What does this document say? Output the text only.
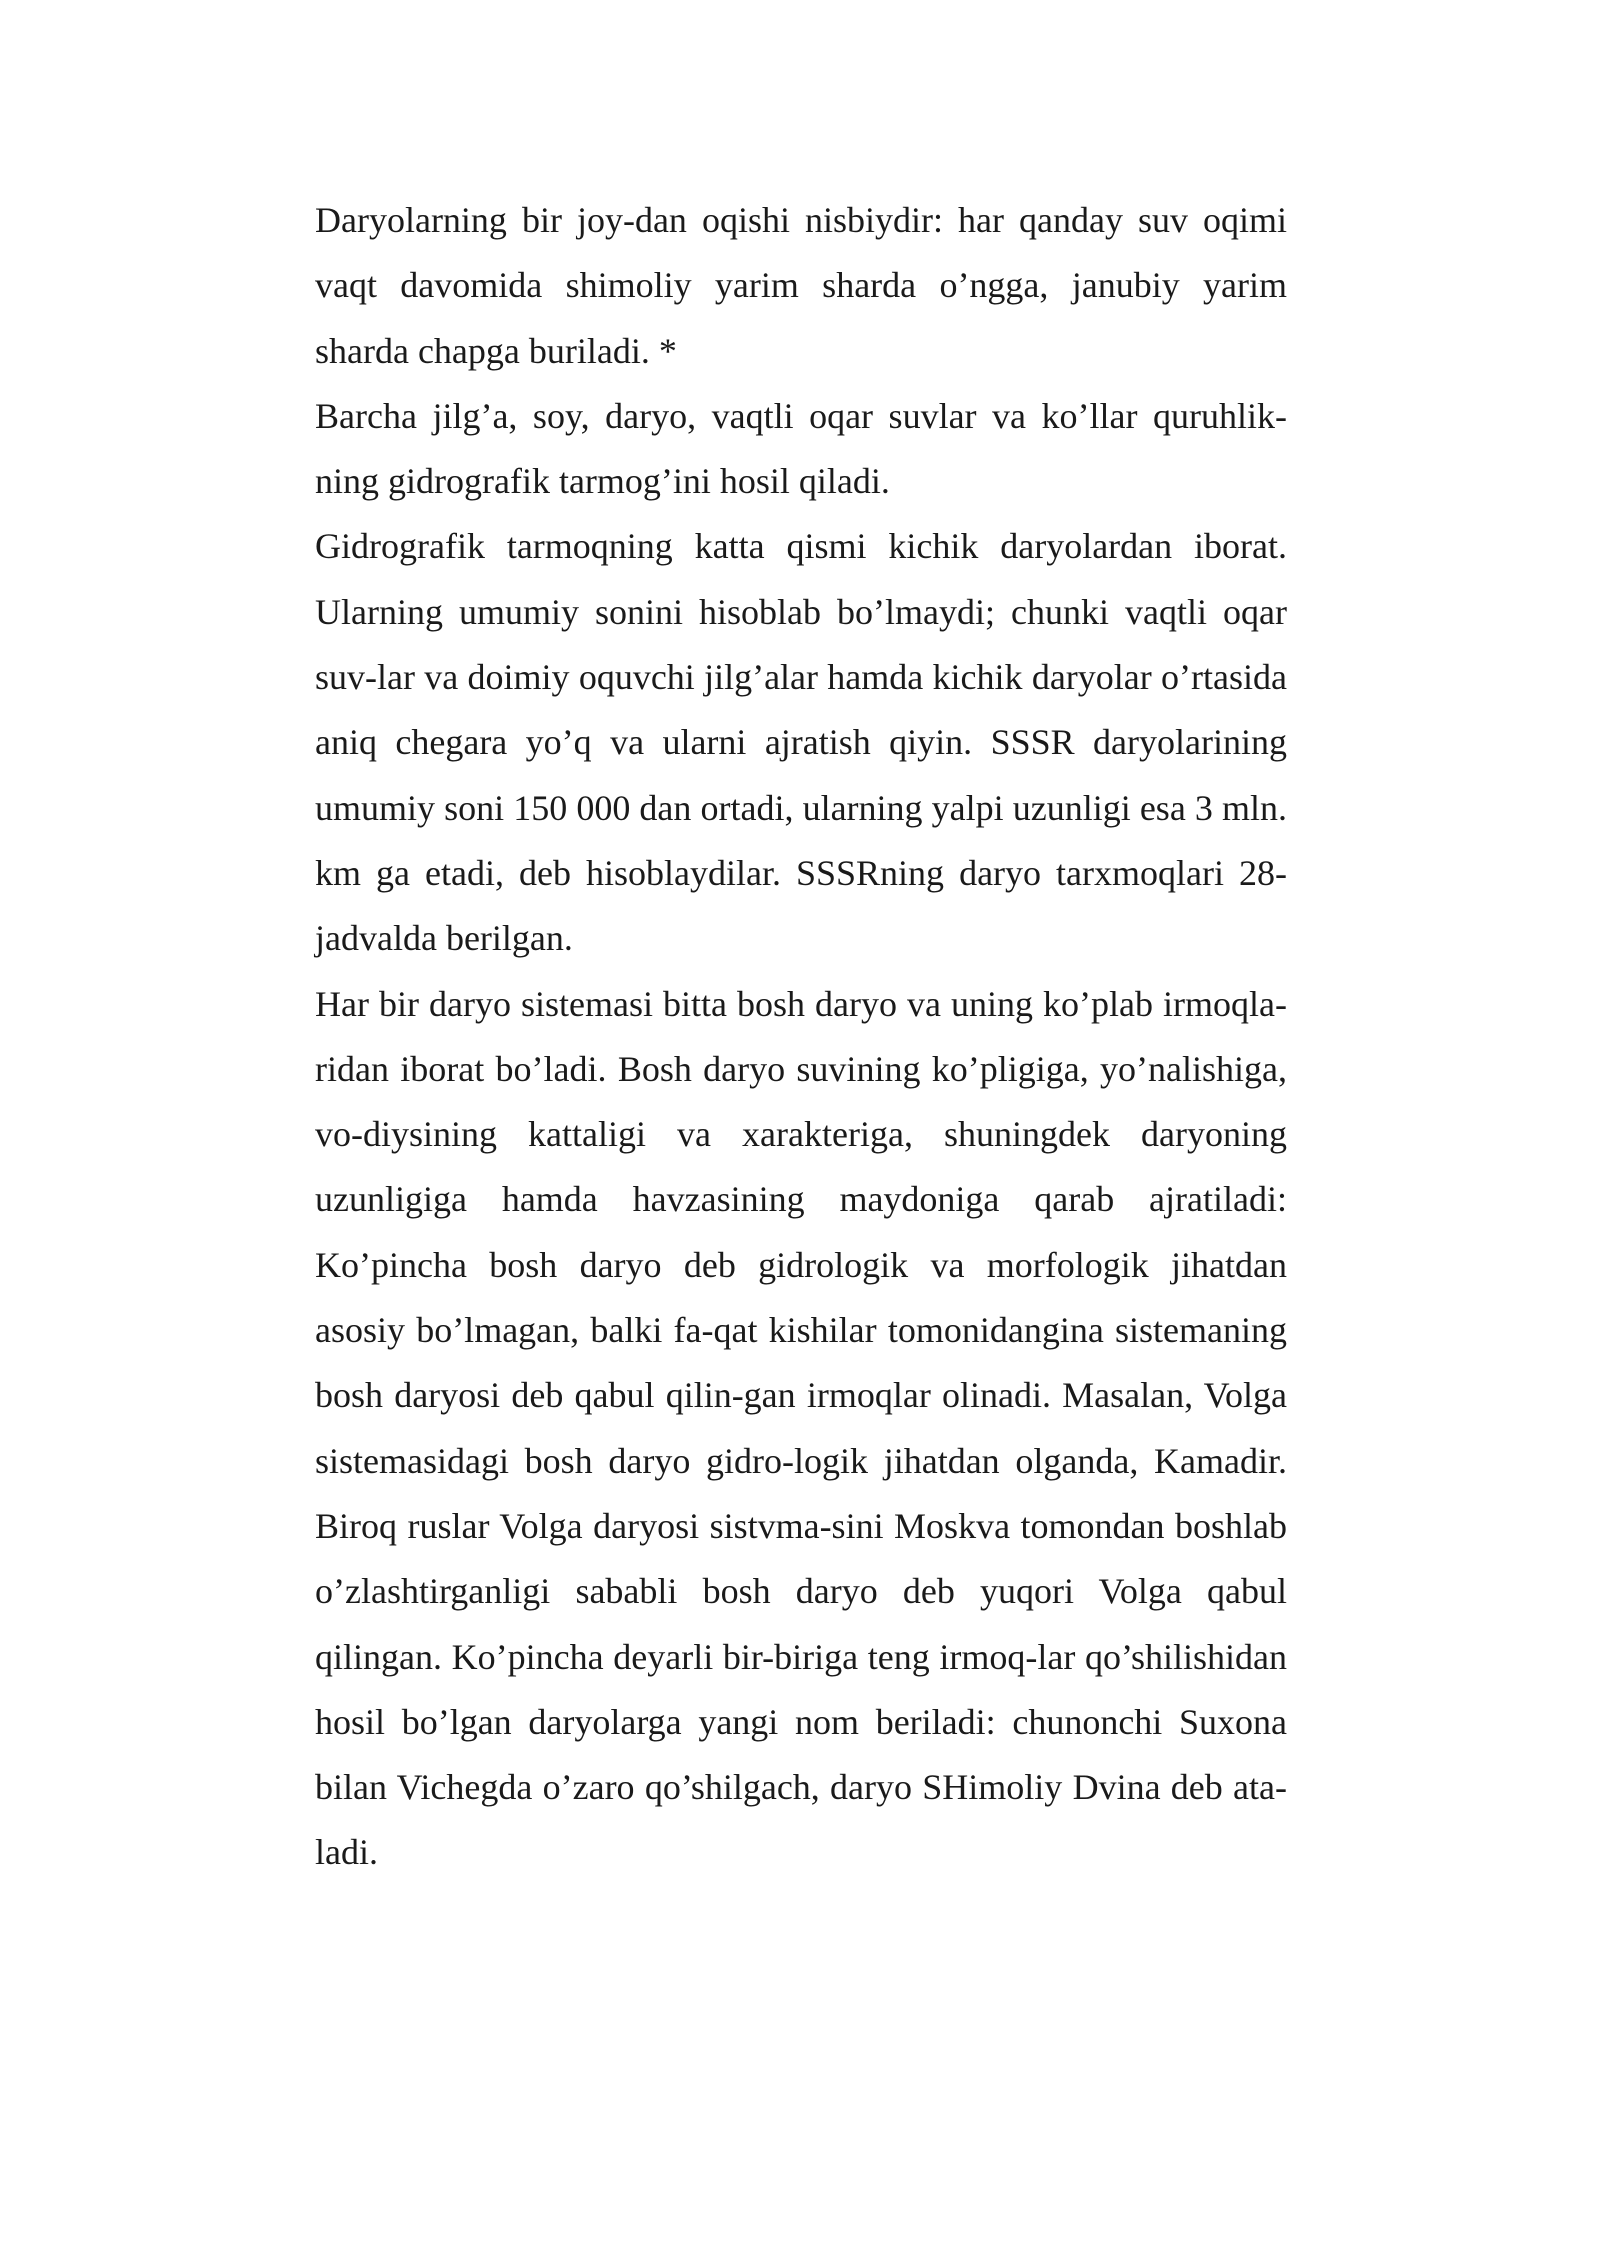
Daryolarning bir joy-dan oqishi nisbiydir: har qanday suv oqimi vaqt davomida shimoliy yarim sharda o’ngga, janubiy yarim sharda chapga buriladi. *

Barcha jilg’a, soy, daryo, vaqtli oqar suvlar va ko’llar quruhlik-ning gidrografik tarmog’ini hosil qiladi.

Gidrografik tarmoqning katta qismi kichik daryolardan iborat. Ularning umumiy sonini hisoblab bo’lmaydi; chunki vaqtli oqar suv-lar va doimiy oquvchi jilg’alar hamda kichik daryolar o’rtasida aniq chegara yo’q va ularni ajratish qiyin. SSSR daryolarining umumiy soni 150 000 dan ortadi, ularning yalpi uzunligi esa 3 mln. km ga etadi, deb hisoblaydilar. SSSRning daryo tarxmoqlari 28- jadvalda berilgan.

Har bir daryo sistemasi bitta bosh daryo va uning ko’plab irmoqla-ridan iborat bo’ladi. Bosh daryo suvining ko’pligiga, yo’nalishiga, vo-diysining kattaligi va xarakteriga, shuningdek daryoning uzunligiga hamda havzasining maydoniga qarab ajratiladi: Ko’pincha bosh daryo deb gidrologik va morfologik jihatdan asosiy bo’lmagan, balki fa-qat kishilar tomonidangina sistemaning bosh daryosi deb qabul qilin-gan irmoqlar olinadi. Masalan, Volga sistemasidagi bosh daryo gidro-logik jihatdan olganda, Kamadir. Biroq ruslar Volga daryosi sistvma-sini Moskva tomondan boshlab o’zlashtirganligi sababli bosh daryo deb yuqori Volga qabul qilingan. Ko’pincha deyarli bir-biriga teng irmoq-lar qo’shilishidan hosil bo’lgan daryolarga yangi nom beriladi: chunonchi Suxona bilan Vichegda o’zaro qo’shilgach, daryo SHimoliy Dvina deb ata-ladi.
